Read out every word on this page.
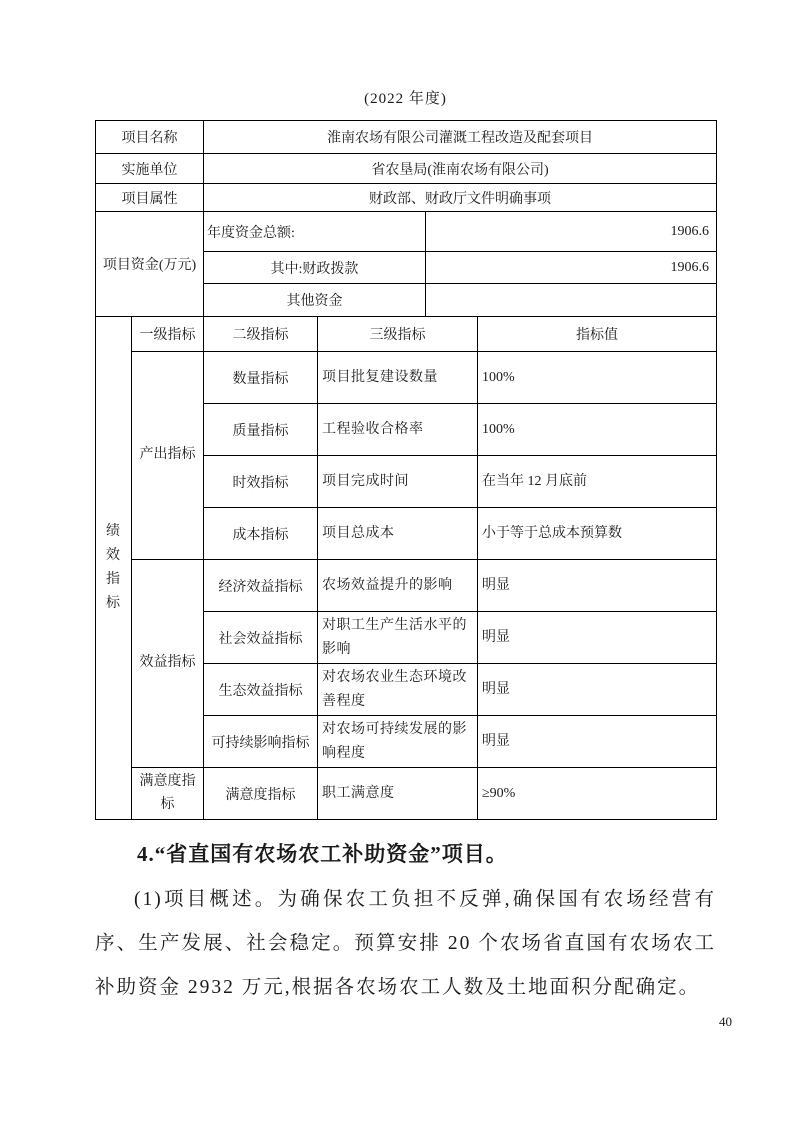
(2022 年度)
项目名称		淮南农场有限公司灌溉工程改造及配套项目			
实施单位		省农垦局(淮南农场有限公司)			
项目属性		财政部、财政厅文件明确事项			
项目资金(万元)		年度资金总额:		1906.6	
		其中:财政拨款		1906.6	
		其他资金			
绩效指标	一级指标	二级指标	三级指标		指标值
	产出指标	数量指标	项目批复建设数量		100%
		质量指标	工程验收合格率		100%
		时效指标	项目完成时间		在当年 12 月底前
		成本指标	项目总成本		小于等于总成本预算数
	效益指标	经济效益指标	农场效益提升的影响		明显
		社会效益指标	对职工生产生活水平的影响		明显
		生态效益指标	对农场农业生态环境改善程度		明显
		可持续影响指标	对农场可持续发展的影响程度		明显
	满意度指标	满意度指标	职工满意度		≥90%
4.“省直国有农场农工补助资金”项目。
(1)项目概述。为确保农工负担不反弹,确保国有农场经营有序、生产发展、社会稳定。预算安排 20 个农场省直国有农场农工补助资金 2932 万元,根据各农场农工人数及土地面积分配确定。
40
